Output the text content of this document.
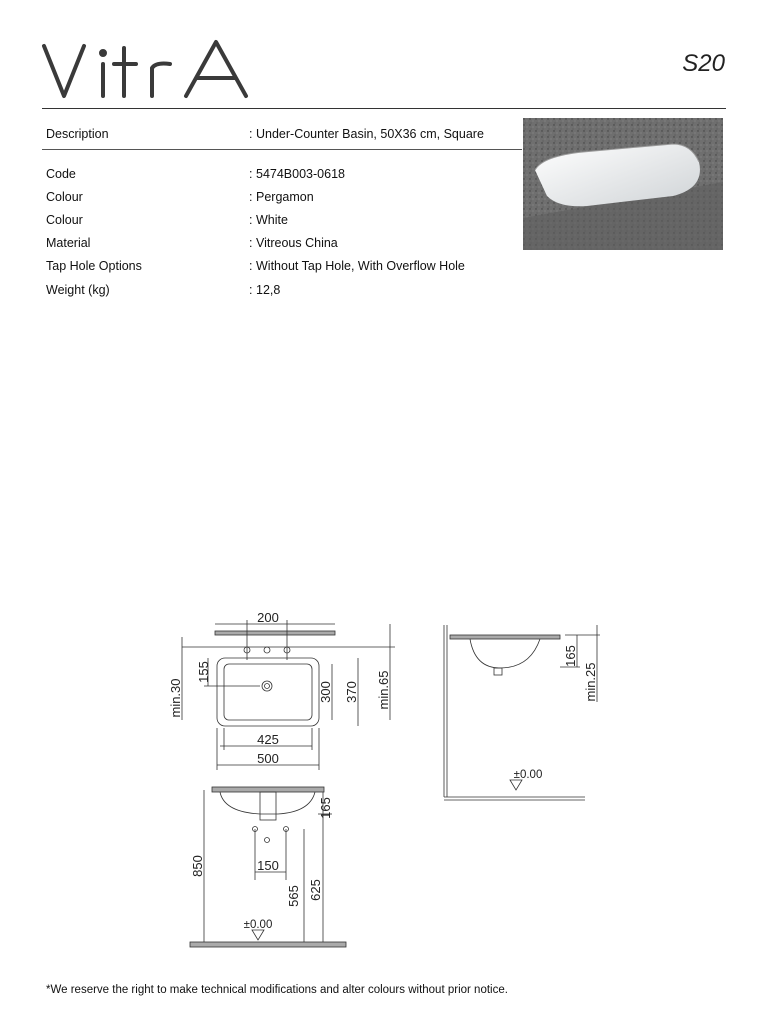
S20
Description	: Under-Counter Basin, 50X36 cm, Square
Code	: 5474B003-0618
Colour	: Pergamon
Colour	: White
Material	: Vitreous China
Tap Hole Options	: Without Tap Hole, With Overflow Hole
Weight (kg)	: 12,8
200
155
min.30	300 370 min.65
425
500
165
min.25
±0.00
165
850	150
565 625
±0.00
*We reserve the right to make technical modifications and alter colours without prior notice.
